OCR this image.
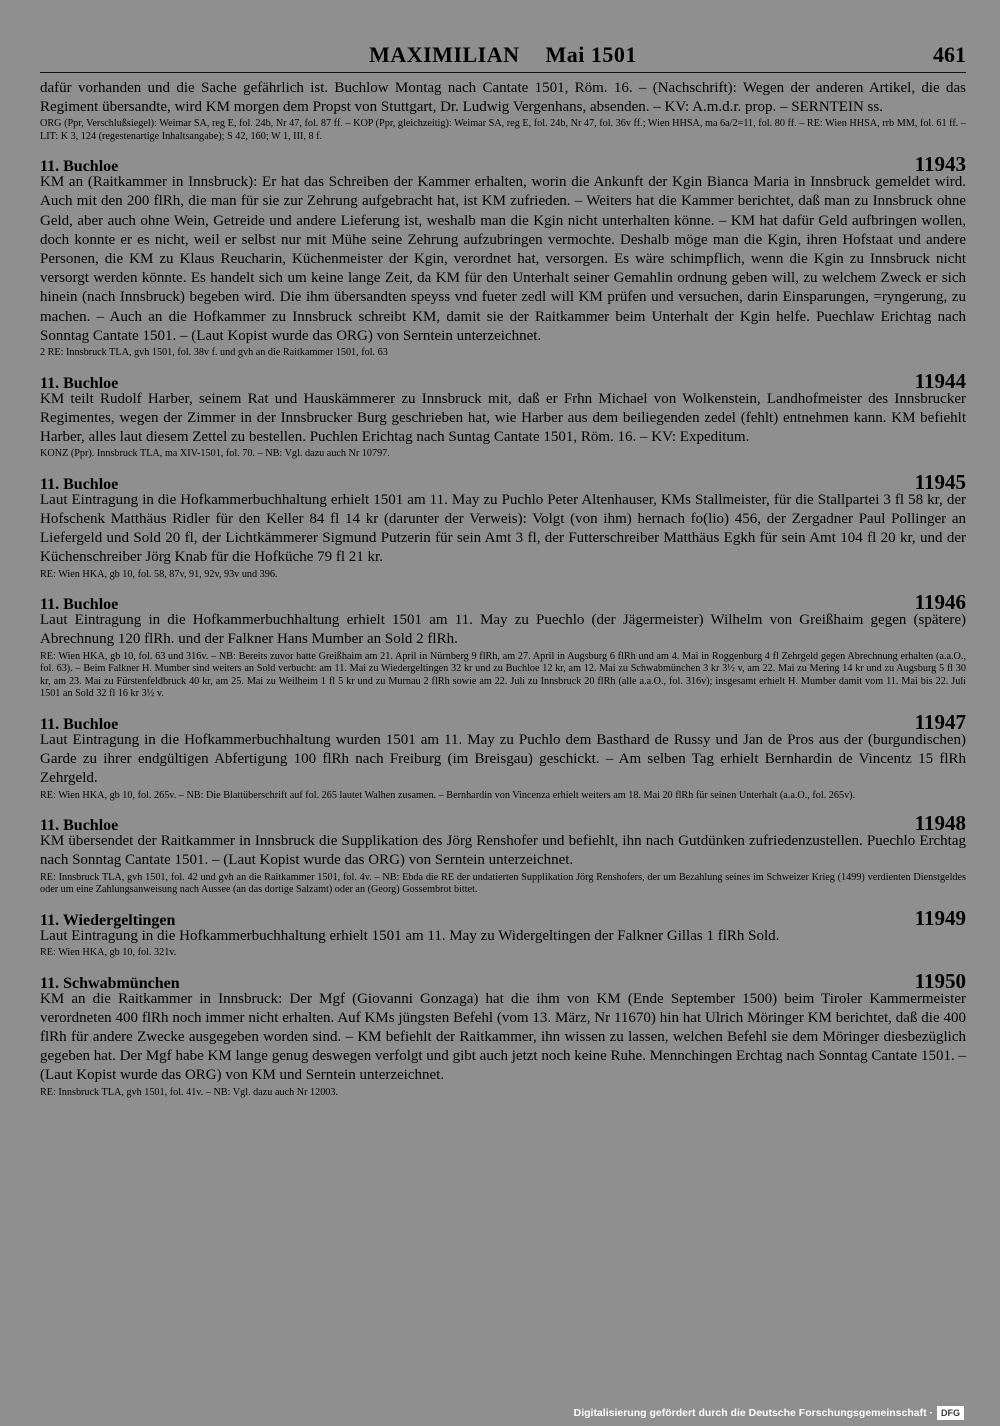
MAXIMILIAN Mai 1501	461
dafür vorhanden und die Sache gefährlich ist. Buchlow Montag nach Cantate 1501, Röm. 16. – (Nachschrift): Wegen der anderen Artikel, die das Regiment übersandte, wird KM morgen dem Propst von Stuttgart, Dr. Ludwig Vergenhans, absenden. – KV: A.m.d.r. prop. – SERNTEIN ss.
ORG (Ppr, Verschlußsiegel): Weimar SA, reg E, fol. 24b, Nr 47, fol. 87 ff. – KOP (Ppr, gleichzeitig): Weimar SA, reg E, fol. 24b, Nr 47, fol. 36v ff.; Wien HHSA, ma 6a/2=11, fol. 80 ff. – RE: Wien HHSA, rrb MM, fol. 61 ff. – LIT: K 3, 124 (regestenartige Inhaltsangabe); S 42, 160; W 1, III, 8 f.
11. Buchloe	11943
KM an (Raitkammer in Innsbruck): Er hat das Schreiben der Kammer erhalten, worin die Ankunft der Kgin Bianca Maria in Innsbruck gemeldet wird. Auch mit den 200 flRh, die man für sie zur Zehrung aufgebracht hat, ist KM zufrieden. – Weiters hat die Kammer berichtet, daß man zu Innsbruck ohne Geld, aber auch ohne Wein, Getreide und andere Lieferung ist, weshalb man die Kgin nicht unterhalten könne. – KM hat dafür Geld aufbringen wollen, doch konnte er es nicht, weil er selbst nur mit Mühe seine Zehrung aufzubringen vermochte. Deshalb möge man die Kgin, ihren Hofstaat und andere Personen, die KM zu Klaus Reucharin, Küchenmeister der Kgin, verordnet hat, versorgen. Es wäre schimpflich, wenn die Kgin zu Innsbruck nicht versorgt werden könnte. Es handelt sich um keine lange Zeit, da KM für den Unterhalt seiner Gemahlin ordnung geben will, zu welchem Zweck er sich hinein (nach Innsbruck) begeben wird. Die ihm übersandten speyss vnd fueter zedl will KM prüfen und versuchen, darin Einsparungen, =ryngerung, zu machen. – Auch an die Hofkammer zu Innsbruck schreibt KM, damit sie der Raitkammer beim Unterhalt der Kgin helfe. Puechlaw Erichtag nach Sonntag Cantate 1501. – (Laut Kopist wurde das ORG) von Serntein unterzeichnet.
2 RE: Innsbruck TLA, gvh 1501, fol. 38v f. und gvh an die Raitkammer 1501, fol. 63
11. Buchloe	11944
KM teilt Rudolf Harber, seinem Rat und Hauskämmerer zu Innsbruck mit, daß er Frhn Michael von Wolkenstein, Landhofmeister des Innsbrucker Regimentes, wegen der Zimmer in der Innsbrucker Burg geschrieben hat, wie Harber aus dem beiliegenden zedel (fehlt) entnehmen kann. KM befiehlt Harber, alles laut diesem Zettel zu bestellen. Puchlen Erichtag nach Suntag Cantate 1501, Röm. 16. – KV: Expeditum.
KONZ (Ppr). Innsbruck TLA, ma XIV-1501, fol. 70. – NB: Vgl. dazu auch Nr 10797.
11. Buchloe	11945
Laut Eintragung in die Hofkammerbuchhaltung erhielt 1501 am 11. May zu Puchlo Peter Altenhauser, KMs Stallmeister, für die Stallpartei 3 fl 58 kr, der Hofschenk Matthäus Ridler für den Keller 84 fl 14 kr (darunter der Verweis): Volgt (von ihm) hernach fo(lio) 456, der Zergadner Paul Pollinger an Liefergeld und Sold 20 fl, der Lichtkämmerer Sigmund Putzerin für sein Amt 3 fl, der Futterschreiber Matthäus Egkh für sein Amt 104 fl 20 kr, und der Küchenschreiber Jörg Knab für die Hofküche 79 fl 21 kr.
RE: Wien HKA, gb 10, fol. 58, 87v, 91, 92v, 93v und 396.
11. Buchloe	11946
Laut Eintragung in die Hofkammerbuchhaltung erhielt 1501 am 11. May zu Puechlo (der Jägermeister) Wilhelm von Greißhaim gegen (spätere) Abrechnung 120 flRh. und der Falkner Hans Mumber an Sold 2 flRh.
RE: Wien HKA, gb 10, fol. 63 und 316v. – NB: Bereits zuvor hatte Greißhaim am 21. April in Nürnberg 9 flRh, am 27. April in Augsburg 6 flRh und am 4. Mai in Roggenburg 4 fl Zehrgeld gegen Abrechnung erhalten (a.a.O., fol. 63). – Beim Falkner H. Mumber sind weiters an Sold verbucht: am 11. Mai zu Wiedergeltingen 32 kr und zu Buchloe 12 kr, am 12. Mai zu Schwabmünchen 3 kr 3½ v, am 22. Mai zu Mering 14 kr und zu Augsburg 5 fl 30 kr, am 23. Mai zu Fürstenfeldbruck 40 kr, am 25. Mai zu Weilheim 1 fl 5 kr und zu Murnau 2 flRh sowie am 22. Juli zu Innsbruck 20 flRh (alle a.a.O., fol. 316v); insgesamt erhielt H. Mumber damit vom 11. Mai bis 22. Juli 1501 an Sold 32 fl 16 kr 3½ v.
11. Buchloe	11947
Laut Eintragung in die Hofkammerbuchhaltung wurden 1501 am 11. May zu Puchlo dem Basthard de Russy und Jan de Pros aus der (burgundischen) Garde zu ihrer endgültigen Abfertigung 100 flRh nach Freiburg (im Breisgau) geschickt. – Am selben Tag erhielt Bernhardin de Vincentz 15 flRh Zehrgeld.
RE: Wien HKA, gb 10, fol. 265v. – NB: Die Blattüberschrift auf fol. 265 lautet Walhen zusamen. – Bernhardin von Vincenza erhielt weiters am 18. Mai 20 flRh für seinen Unterhalt (a.a.O., fol. 265v).
11. Buchloe	11948
KM übersendet der Raitkammer in Innsbruck die Supplikation des Jörg Renshofer und befiehlt, ihn nach Gutdünken zufriedenzustellen. Puechlo Erchtag nach Sonntag Cantate 1501. – (Laut Kopist wurde das ORG) von Serntein unterzeichnet.
RE: Innsbruck TLA, gvh 1501, fol. 42 und gvh an die Raitkammer 1501, fol. 4v. – NB: Ebda die RE der undatierten Supplikation Jörg Renshofers, der um Bezahlung seines im Schweizer Krieg (1499) verdienten Dienstgeldes oder um eine Zahlungsanweisung nach Aussee (an das dortige Salzamt) oder an (Georg) Gossembrot bittet.
11. Wiedergeltingen	11949
Laut Eintragung in die Hofkammerbuchhaltung erhielt 1501 am 11. May zu Widergeltingen der Falkner Gillas 1 flRh Sold.
RE: Wien HKA, gb 10, fol. 321v.
11. Schwabmünchen	11950
KM an die Raitkammer in Innsbruck: Der Mgf (Giovanni Gonzaga) hat die ihm von KM (Ende September 1500) beim Tiroler Kammermeister verordneten 400 flRh noch immer nicht erhalten. Auf KMs jüngsten Befehl (vom 13. März, Nr 11670) hin hat Ulrich Möringer KM berichtet, daß die 400 flRh für andere Zwecke ausgegeben worden sind. – KM befiehlt der Raitkammer, ihn wissen zu lassen, welchen Befehl sie dem Möringer diesbezüglich gegeben hat. Der Mgf habe KM lange genug deswegen verfolgt und gibt auch jetzt noch keine Ruhe. Mennchingen Erchtag nach Sonntag Cantate 1501. – (Laut Kopist wurde das ORG) von KM und Serntein unterzeichnet.
RE: Innsbruck TLA, gvh 1501, fol. 41v. – NB: Vgl. dazu auch Nr 12003.
Digitalisierung gefördert durch die Deutsche Forschungsgemeinschaft · DFG
